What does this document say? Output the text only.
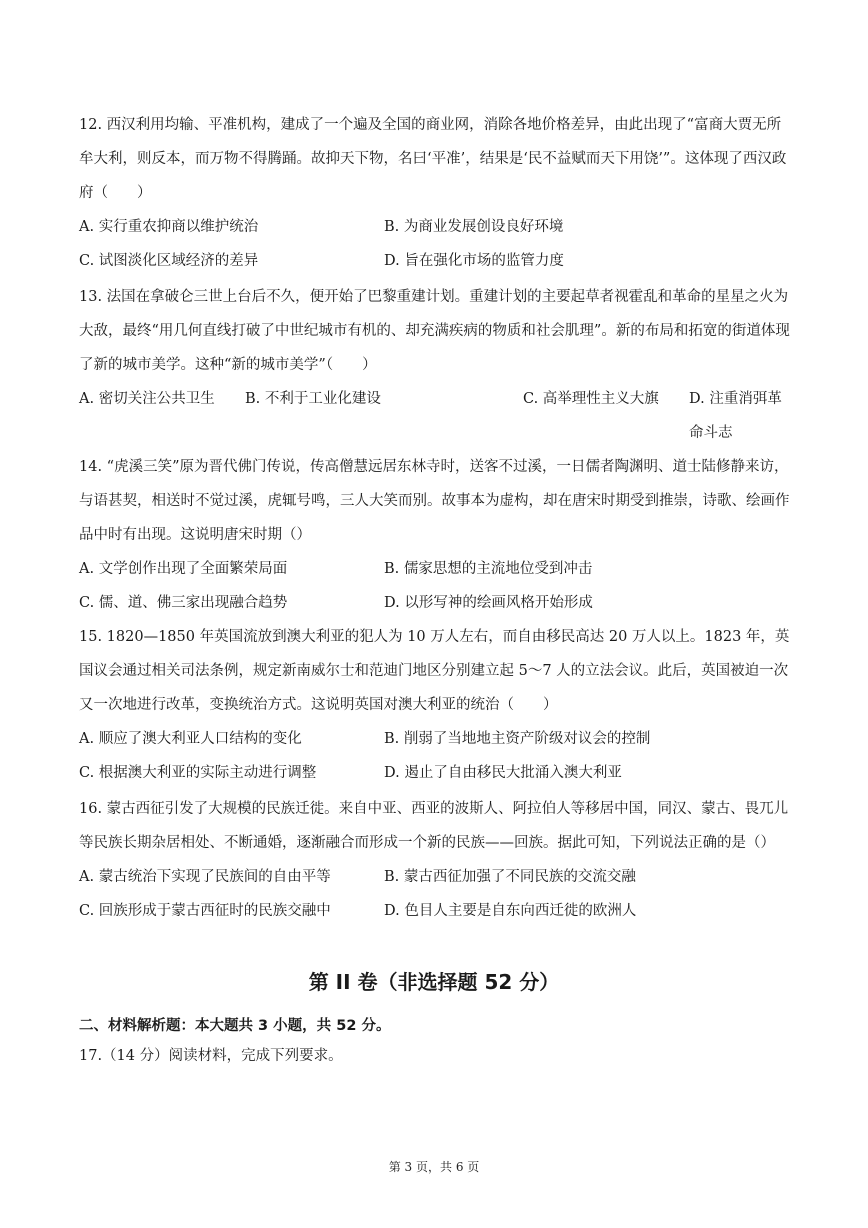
12. 西汉利用均输、平准机构，建成了一个遍及全国的商业网，消除各地价格差异，由此出现了“富商大贾无所牟大利，则反本，而万物不得腾踊。故抑天下物，名曰‘平准’，结果是‘民不益赋而天下用饶’”。这体现了西汉政府（　　）

A. 实行重农抑商以维护统治	B. 为商业发展创设良好环境
C. 试图淡化区域经济的差异	D. 旨在强化市场的监管力度

13. 法国在拿破仑三世上台后不久，便开始了巴黎重建计划。重建计划的主要起草者视霍乱和革命的星星之火为大敌，最终“用几何直线打破了中世纪城市有机的、却充满疾病的物质和社会肌理”。新的布局和拓宽的街道体现了新的城市美学。这种“新的城市美学”（　　）

A. 密切关注公共卫生 B. 不利于工业化建设	C. 高举理性主义大旗 D. 注重消弭革命斗志

14. “虎溪三笑”原为晋代佛门传说，传高僧慧远居东林寺时，送客不过溪，一日儒者陶渊明、道士陆修静来访，与语甚契，相送时不觉过溪，虎辄号鸣，三人大笑而别。故事本为虚构，却在唐宋时期受到推崇，诗歌、绘画作品中时有出现。这说明唐宋时期（）

A. 文学创作出现了全面繁荣局面	B. 儒家思想的主流地位受到冲击
C. 儒、道、佛三家出现融合趋势	D. 以形写神的绘画风格开始形成

15. 1820—1850 年英国流放到澳大利亚的犯人为 10 万人左右，而自由移民高达 20 万人以上。1823 年，英国议会通过相关司法条例，规定新南威尔士和范迪门地区分别建立起 5～7 人的立法会议。此后，英国被迫一次又一次地进行改革，变换统治方式。这说明英国对澳大利亚的统治（　　）

A. 顺应了澳大利亚人口结构的变化	B. 削弱了当地地主资产阶级对议会的控制
C. 根据澳大利亚的实际主动进行调整	D. 遏止了自由移民大批涌入澳大利亚

16. 蒙古西征引发了大规模的民族迁徙。来自中亚、西亚的波斯人、阿拉伯人等移居中国，同汉、蒙古、畏兀儿等民族长期杂居相处、不断通婚，逐渐融合而形成一个新的民族——回族。据此可知，下列说法正确的是（）

A. 蒙古统治下实现了民族间的自由平等	B. 蒙古西征加强了不同民族的交流交融
C. 回族形成于蒙古西征时的民族交融中	D. 色目人主要是自东向西迁徙的欧洲人
第 II 卷（非选择题 52 分）
二、材料解析题：本大题共 3 小题，共 52 分。
17.（14 分）阅读材料，完成下列要求。
第 3 页，共 6 页
